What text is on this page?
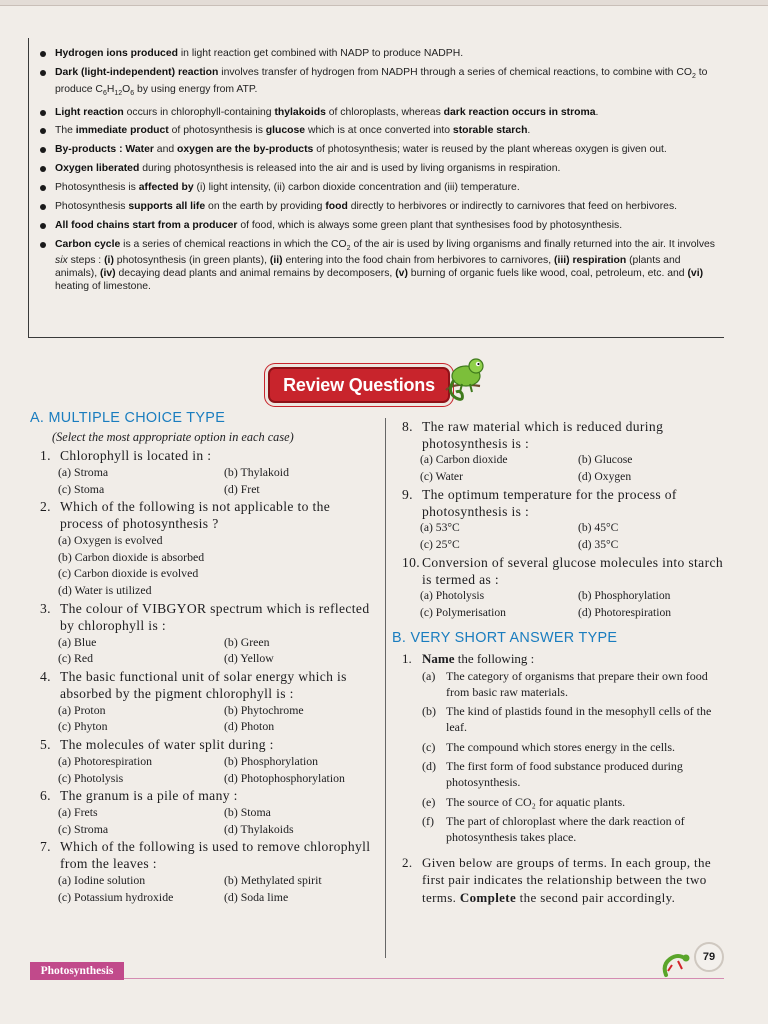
Hydrogen ions produced in light reaction get combined with NADP to produce NADPH.
Dark (light-independent) reaction involves transfer of hydrogen from NADPH through a series of chemical reactions, to combine with $CO_2$ to produce $C_6H_{12}O_6$ by using energy from ATP.
Light reaction occurs in chlorophyll-containing thylakoids of chloroplasts, whereas dark reaction occurs in stroma.
The immediate product of photosynthesis is glucose which is at once converted into storable starch.
By-products : Water and oxygen are the by-products of photosynthesis; water is reused by the plant whereas oxygen is given out.
Oxygen liberated during photosynthesis is released into the air and is used by living organisms in respiration.
Photosynthesis is affected by (i) light intensity, (ii) carbon dioxide concentration and (iii) temperature.
Photosynthesis supports all life on the earth by providing food directly to herbivores or indirectly to carnivores that feed on herbivores.
All food chains start from a producer of food, which is always some green plant that synthesises food by photosynthesis.
Carbon cycle is a series of chemical reactions in which the $CO_2$ of the air is used by living organisms and finally returned into the air. It involves six steps : (i) photosynthesis (in green plants), (ii) entering into the food chain from herbivores to carnivores, (iii) respiration (plants and animals), (iv) decaying dead plants and animal remains by decomposers, (v) burning of organic fuels like wood, coal, petroleum, etc. and (vi) heating of limestone.
Review Questions
A. MULTIPLE CHOICE TYPE
(Select the most appropriate option in each case)
1. Chlorophyll is located in :
(a) Stroma	(b) Thylakoid
(c) Stoma	(d) Fret
2. Which of the following is not applicable to the process of photosynthesis ?
(a) Oxygen is evolved
(b) Carbon dioxide is absorbed
(c) Carbon dioxide is evolved
(d) Water is utilized
3. The colour of VIBGYOR spectrum which is reflected by chlorophyll is :
(a) Blue	(b) Green
(c) Red	(d) Yellow
4. The basic functional unit of solar energy which is absorbed by the pigment chlorophyll is :
(a) Proton	(b) Phytochrome
(c) Phyton	(d) Photon
5. The molecules of water split during :
(a) Photorespiration	(b) Phosphorylation
(c) Photolysis	(d) Photophosphorylation
6. The granum is a pile of many :
(a) Frets	(b) Stoma
(c) Stroma	(d) Thylakoids
7. Which of the following is used to remove chlorophyll from the leaves :
(a) Iodine solution	(b) Methylated spirit
(c) Potassium hydroxide	(d) Soda lime
8. The raw material which is reduced during photosynthesis is :
(a) Carbon dioxide	(b) Glucose
(c) Water	(d) Oxygen
9. The optimum temperature for the process of photosynthesis is :
(a) 53°C	(b) 45°C
(c) 25°C	(d) 35°C
10. Conversion of several glucose molecules into starch is termed as :
(a) Photolysis	(b) Phosphorylation
(c) Polymerisation	(d) Photorespiration
B. VERY SHORT ANSWER TYPE
1. Name the following :
(a) The category of organisms that prepare their own food from basic raw materials.
(b) The kind of plastids found in the mesophyll cells of the leaf.
(c) The compound which stores energy in the cells.
(d) The first form of food substance produced during photosynthesis.
(e) The source of CO₂ for aquatic plants.
(f) The part of chloroplast where the dark reaction of photosynthesis takes place.
2. Given below are groups of terms. In each group, the first pair indicates the relationship between the two terms. Complete the second pair accordingly.
Photosynthesis
79
